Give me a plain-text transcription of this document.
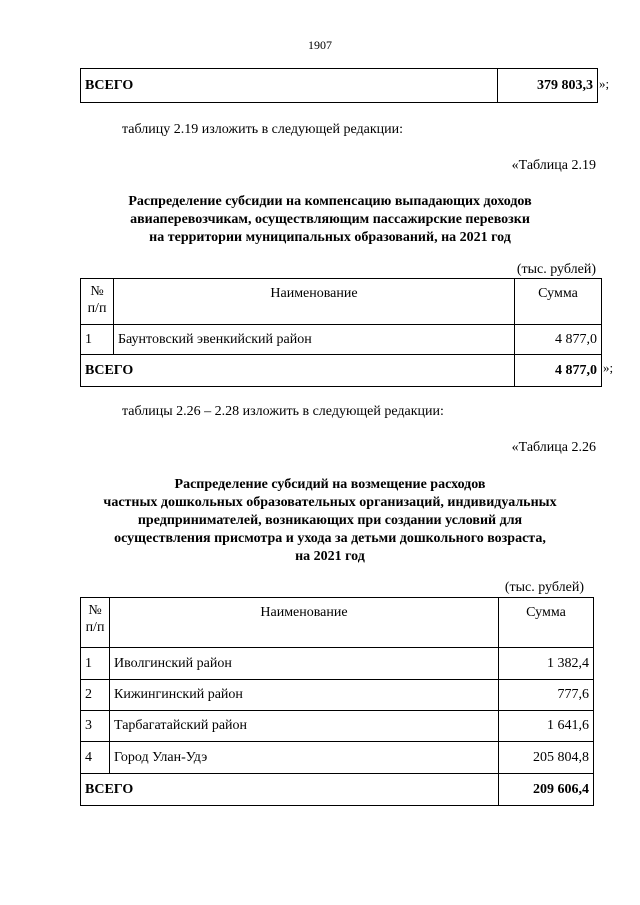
1907
ВСЕГО	379 803,3 »;
таблицу 2.19 изложить в следующей редакции:
«Таблица 2.19
Распределение субсидии на компенсацию выпадающих доходов
авиаперевозчикам, осуществляющим пассажирские перевозки
на территории муниципальных образований, на 2021 год
(тыс. рублей)
№
п/п	Наименование	Сумма
1	Баунтовский эвенкийский район	4 877,0
ВСЕГО		4 877,0 »;
таблицы 2.26 – 2.28 изложить в следующей редакции:
«Таблица 2.26
Распределение субсидий на возмещение расходов
частных дошкольных образовательных организаций, индивидуальных
предпринимателей, возникающих при создании условий для
осуществления присмотра и ухода за детьми дошкольного возраста,
на 2021 год
(тыс. рублей)
№
п/п	Наименование	Сумма
1	Иволгинский район	1 382,4
2	Кижингинский район	777,6
3	Тарбагатайский район	1 641,6
4	Город Улан-Удэ	205 804,8
ВСЕГО		209 606,4
